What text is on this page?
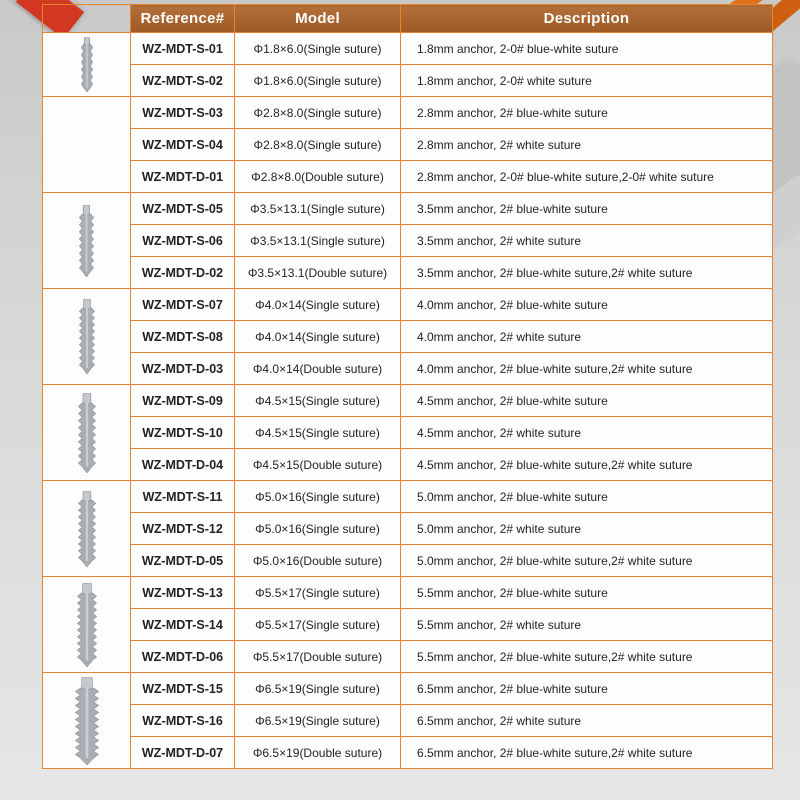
	Reference#	Model	Description

	WZ-MDT-S-01	Φ1.8×6.0(Single suture)	1.8mm anchor, 2-0# blue-white suture
	WZ-MDT-S-02	Φ1.8×6.0(Single suture)	1.8mm anchor, 2-0# white suture
	WZ-MDT-S-03	Φ2.8×8.0(Single suture)	2.8mm anchor, 2# blue-white suture
	WZ-MDT-S-04	Φ2.8×8.0(Single suture)	2.8mm anchor, 2# white suture
	WZ-MDT-D-01	Φ2.8×8.0(Double suture)	2.8mm anchor, 2-0# blue-white suture,2-0# white suture

	WZ-MDT-S-05	Φ3.5×13.1(Single suture)	3.5mm anchor, 2# blue-white suture
	WZ-MDT-S-06	Φ3.5×13.1(Single suture)	3.5mm anchor, 2# white suture
	WZ-MDT-D-02	Φ3.5×13.1(Double suture)	3.5mm anchor, 2# blue-white suture,2# white suture

	WZ-MDT-S-07	Φ4.0×14(Single suture)	4.0mm anchor, 2# blue-white suture
	WZ-MDT-S-08	Φ4.0×14(Single suture)	4.0mm anchor, 2# white suture
	WZ-MDT-D-03	Φ4.0×14(Double suture)	4.0mm anchor, 2# blue-white suture,2# white suture

	WZ-MDT-S-09	Φ4.5×15(Single suture)	4.5mm anchor, 2# blue-white suture
	WZ-MDT-S-10	Φ4.5×15(Single suture)	4.5mm anchor, 2# white suture
	WZ-MDT-D-04	Φ4.5×15(Double suture)	4.5mm anchor, 2# blue-white suture,2# white suture

	WZ-MDT-S-11	Φ5.0×16(Single suture)	5.0mm anchor, 2# blue-white suture
	WZ-MDT-S-12	Φ5.0×16(Single suture)	5.0mm anchor, 2# white suture
	WZ-MDT-D-05	Φ5.0×16(Double suture)	5.0mm anchor, 2# blue-white suture,2# white suture

	WZ-MDT-S-13	Φ5.5×17(Single suture)	5.5mm anchor, 2# blue-white suture
	WZ-MDT-S-14	Φ5.5×17(Single suture)	5.5mm anchor, 2# white suture
	WZ-MDT-D-06	Φ5.5×17(Double suture)	5.5mm anchor, 2# blue-white suture,2# white suture

	WZ-MDT-S-15	Φ6.5×19(Single suture)	6.5mm anchor, 2# blue-white suture
	WZ-MDT-S-16	Φ6.5×19(Single suture)	6.5mm anchor, 2# white suture
	WZ-MDT-D-07	Φ6.5×19(Double suture)	6.5mm anchor, 2# blue-white suture,2# white suture
